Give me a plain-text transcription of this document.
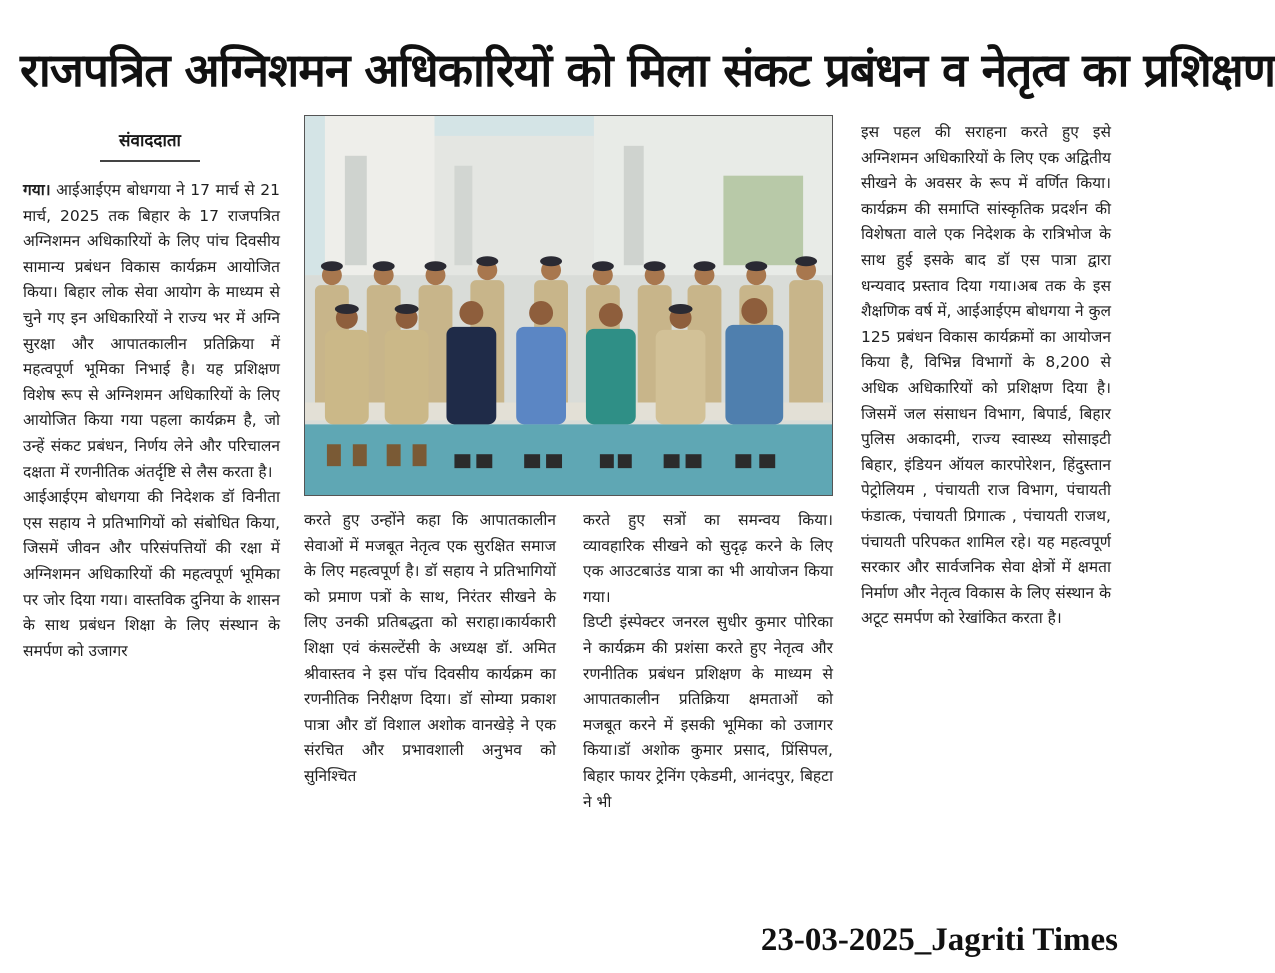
राजपत्रित अग्निशमन अधिकारियों को मिला संकट प्रबंधन व नेतृत्व का प्रशिक्षण
संवाददाता

गया। आईआईएम बोधगया ने 17 मार्च से 21 मार्च, 2025 तक बिहार के 17 राजपत्रित अग्निशमन अधिकारियों के लिए पांच दिवसीय सामान्य प्रबंधन विकास कार्यक्रम आयोजित किया। बिहार लोक सेवा आयोग के माध्यम से चुने गए इन अधिकारियों ने राज्य भर में अग्नि सुरक्षा और आपातकालीन प्रतिक्रिया में महत्वपूर्ण भूमिका निभाई है। यह प्रशिक्षण विशेष रूप से अग्निशमन अधिकारियों के लिए आयोजित किया गया पहला कार्यक्रम है, जो उन्हें संकट प्रबंधन, निर्णय लेने और परिचालन दक्षता में रणनीतिक अंतर्दृष्टि से लैस करता है।

आईआईएम बोधगया की निदेशक डॉ विनीता एस सहाय ने प्रतिभागियों को संबोधित किया, जिसमें जीवन और परिसंपत्तियों की रक्षा में अग्निशमन अधिकारियों की महत्वपूर्ण भूमिका पर जोर दिया गया। वास्तविक दुनिया के शासन के साथ प्रबंधन शिक्षा के लिए संस्थान के समर्पण को उजागर

करते हुए उन्होंने कहा कि आपातकालीन सेवाओं में मजबूत नेतृत्व एक सुरक्षित समाज के लिए महत्वपूर्ण है। डॉ सहाय ने प्रतिभागियों को प्रमाण पत्रों के साथ, निरंतर सीखने के लिए उनकी प्रतिबद्धता को सराहा।कार्यकारी शिक्षा एवं कंसल्टेंसी के अध्यक्ष डॉ. अमित श्रीवास्तव ने इस पॉच दिवसीय कार्यक्रम का रणनीतिक निरीक्षण दिया। डॉ सोम्या प्रकाश पात्रा और डॉ विशाल अशोक वानखेड़े ने एक संरचित और प्रभावशाली अनुभव को सुनिश्चित

करते हुए सत्रों का समन्वय किया। व्यावहारिक सीखने को सुदृढ़ करने के लिए एक आउटबाउंड यात्रा का भी आयोजन किया गया।

डिप्टी इंस्पेक्टर जनरल सुधीर कुमार पोरिका ने कार्यक्रम की प्रशंसा करते हुए नेतृत्व और रणनीतिक प्रबंधन प्रशिक्षण के माध्यम से आपातकालीन प्रतिक्रिया क्षमताओं को मजबूत करने में इसकी भूमिका को उजागर किया।डॉ अशोक कुमार प्रसाद, प्रिंसिपल, बिहार फायर ट्रेनिंग एकेडमी, आनंदपुर, बिहटा ने भी

इस पहल की सराहना करते हुए इसे अग्निशमन अधिकारियों के लिए एक अद्वितीय सीखने के अवसर के रूप में वर्णित किया।कार्यक्रम की समाप्ति सांस्कृतिक प्रदर्शन की विशेषता वाले एक निदेशक के रात्रिभोज के साथ हुई इसके बाद डॉ एस पात्रा द्वारा धन्यवाद प्रस्ताव दिया गया।अब तक के इस शैक्षणिक वर्ष में, आईआईएम बोधगया ने कुल 125 प्रबंधन विकास कार्यक्रमों का आयोजन किया है, विभिन्न विभागों के 8,200 से अधिक अधिकारियों को प्रशिक्षण दिया है।जिसमें जल संसाधन विभाग, बिपार्ड, बिहार पुलिस अकादमी, राज्य स्वास्थ्य सोसाइटी बिहार, इंडियन ऑयल कारपोरेशन, हिंदुस्तान पेट्रोलियम , पंचायती राज विभाग, पंचायती फंडात्क, पंचायती प्रिगात्क , पंचायती राजथ, पंचायती परिपकत शामिल रहे। यह महत्वपूर्ण सरकार और सार्वजनिक सेवा क्षेत्रों में क्षमता निर्माण और नेतृत्व विकास के लिए संस्थान के अटूट समर्पण को रेखांकित करता है।

23-03-2025_Jagriti Times
